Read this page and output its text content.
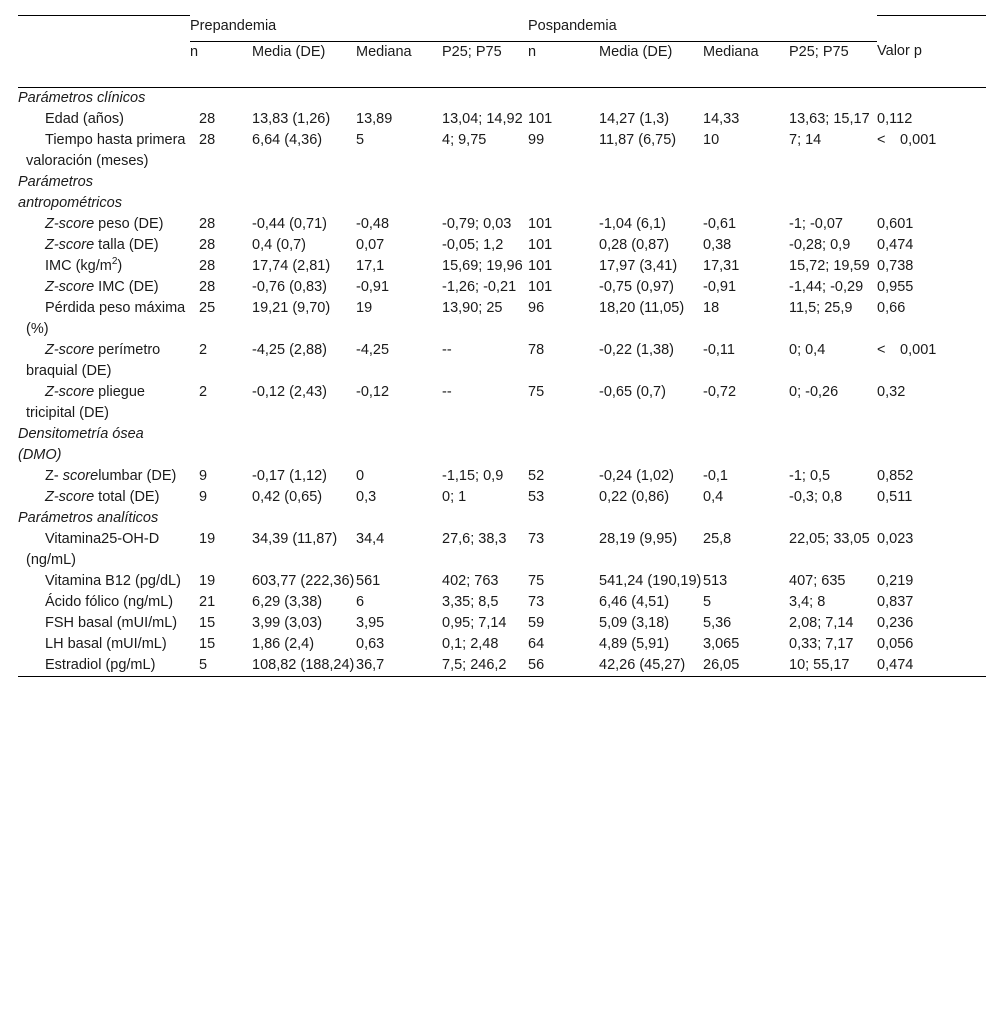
	Prepandemia				Pospandemia				
	n	Media (DE)	Mediana	P25; P75	n	Media (DE)	Mediana	P25; P75	Valor p
Parámetros clínicos									
Edad (años)	28	13,83 (1,26)	13,89	13,04; 14,92	101	14,27 (1,3)	14,33	13,63; 15,17	0,112
Tiempo hasta primera valoración (meses)	28	6,64 (4,36)	5	4; 9,75	99	11,87 (6,75)	10	7; 14	< 0,001
Parámetros antropométricos									
Z-score peso (DE)	28	-0,44 (0,71)	-0,48	-0,79; 0,03	101	-1,04 (6,1)	-0,61	-1; -0,07	0,601
Z-score talla (DE)	28	0,4 (0,7)	0,07	-0,05; 1,2	101	0,28 (0,87)	0,38	-0,28; 0,9	0,474
IMC $(kg/m^2)$	28	17,74 (2,81)	17,1	15,69; 19,96	101	17,97 (3,41)	17,31	15,72; 19,59	0,738
Z-score IMC (DE)	28	-0,76 (0,83)	-0,91	-1,26; -0,21	101	-0,75 (0,97)	-0,91	-1,44; -0,29	0,955
Pérdida peso máxima (%)	25	19,21 (9,70)	19	13,90; 25	96	18,20 (11,05)	18	11,5; 25,9	0,66
Z-score perímetro braquial (DE)	2	-4,25 (2,88)	-4,25	--	78	-0,22 (1,38)	-0,11	0; 0,4	< 0,001
Z-score pliegue tricipital (DE)	2	-0,12 (2,43)	-0,12	--	75	-0,65 (0,7)	-0,72	0; -0,26	0,32
Densitometría ósea (DMO)									
Z- scorelumbar (DE)	9	-0,17 (1,12)	0	-1,15; 0,9	52	-0,24 (1,02)	-0,1	-1; 0,5	0,852
Z-score total (DE)	9	0,42 (0,65)	0,3	0; 1	53	0,22 (0,86)	0,4	-0,3; 0,8	0,511
Parámetros analíticos									
Vitamina25-OH-D (ng/mL)	19	34,39 (11,87)	34,4	27,6; 38,3	73	28,19 (9,95)	25,8	22,05; 33,05	0,023
Vitamina B12 (pg/dL)	19	603,77 (222,36)	561	402; 763	75	541,24 (190,19)	513	407; 635	0,219
Ácido fólico (ng/mL)	21	6,29 (3,38)	6	3,35; 8,5	73	6,46 (4,51)	5	3,4; 8	0,837
FSH basal (mUI/mL)	15	3,99 (3,03)	3,95	0,95; 7,14	59	5,09 (3,18)	5,36	2,08; 7,14	0,236
LH basal (mUI/mL)	15	1,86 (2,4)	0,63	0,1; 2,48	64	4,89 (5,91)	3,065	0,33; 7,17	0,056
Estradiol (pg/mL)	5	108,82 (188,24)	36,7	7,5; 246,2	56	42,26 (45,27)	26,05	10; 55,17	0,474
